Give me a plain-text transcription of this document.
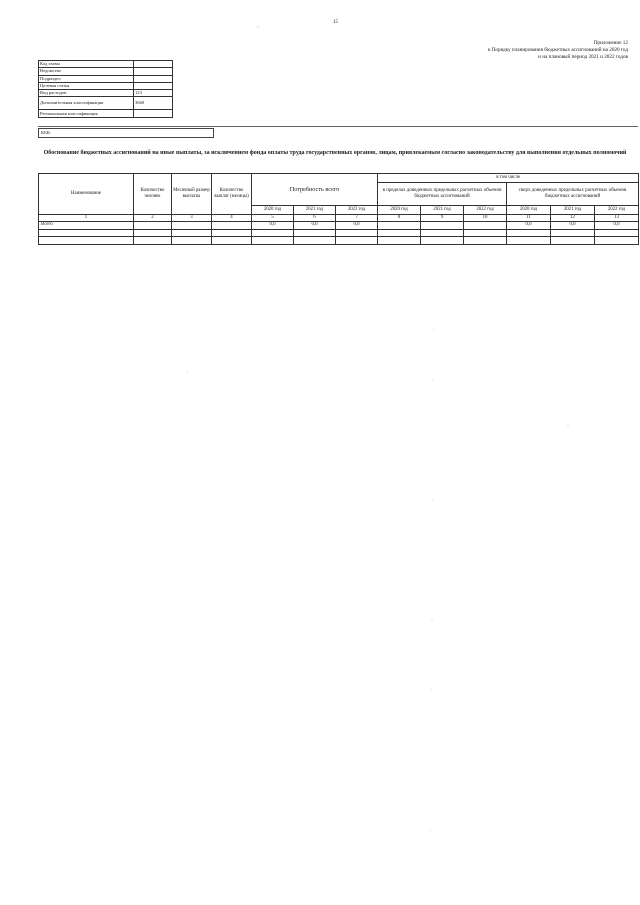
15
Приложение 12
к Порядку планирования бюджетных ассигнований на 2020 год
и на плановый период 2021 и 2022 годов
Код главы	
Ведомство	
Подраздел	
Целевая статья	
Вид расходов	123
Дополнительная классификация	3660
Региональная классификация	
КБК:
Обоснование бюджетных ассигнований на иные выплаты, за исключением фонда оплаты труда государственных органов, лицам, привлекаемым согласно законодательству для выполнения отдельных полномочий
Наименование	Количество человек	Месячный размер выплаты	Количество выплат (месяцы)	Потребность всего			в том числе					
							в пределах доведенных предельных расчетных объемов бюджетных ассигнований			сверх доведенных предельных расчетных объемов бюджетных ассигнований		
				2020 год	2021 год	2022 год	2020 год	2021 год	2022 год	2020 год	2021 год	2022 год
1	2	3	4	5	6	7	8	9	10	11	12	13
Всего				0,0	0,0	0,0				0,0	0,0	0,0
